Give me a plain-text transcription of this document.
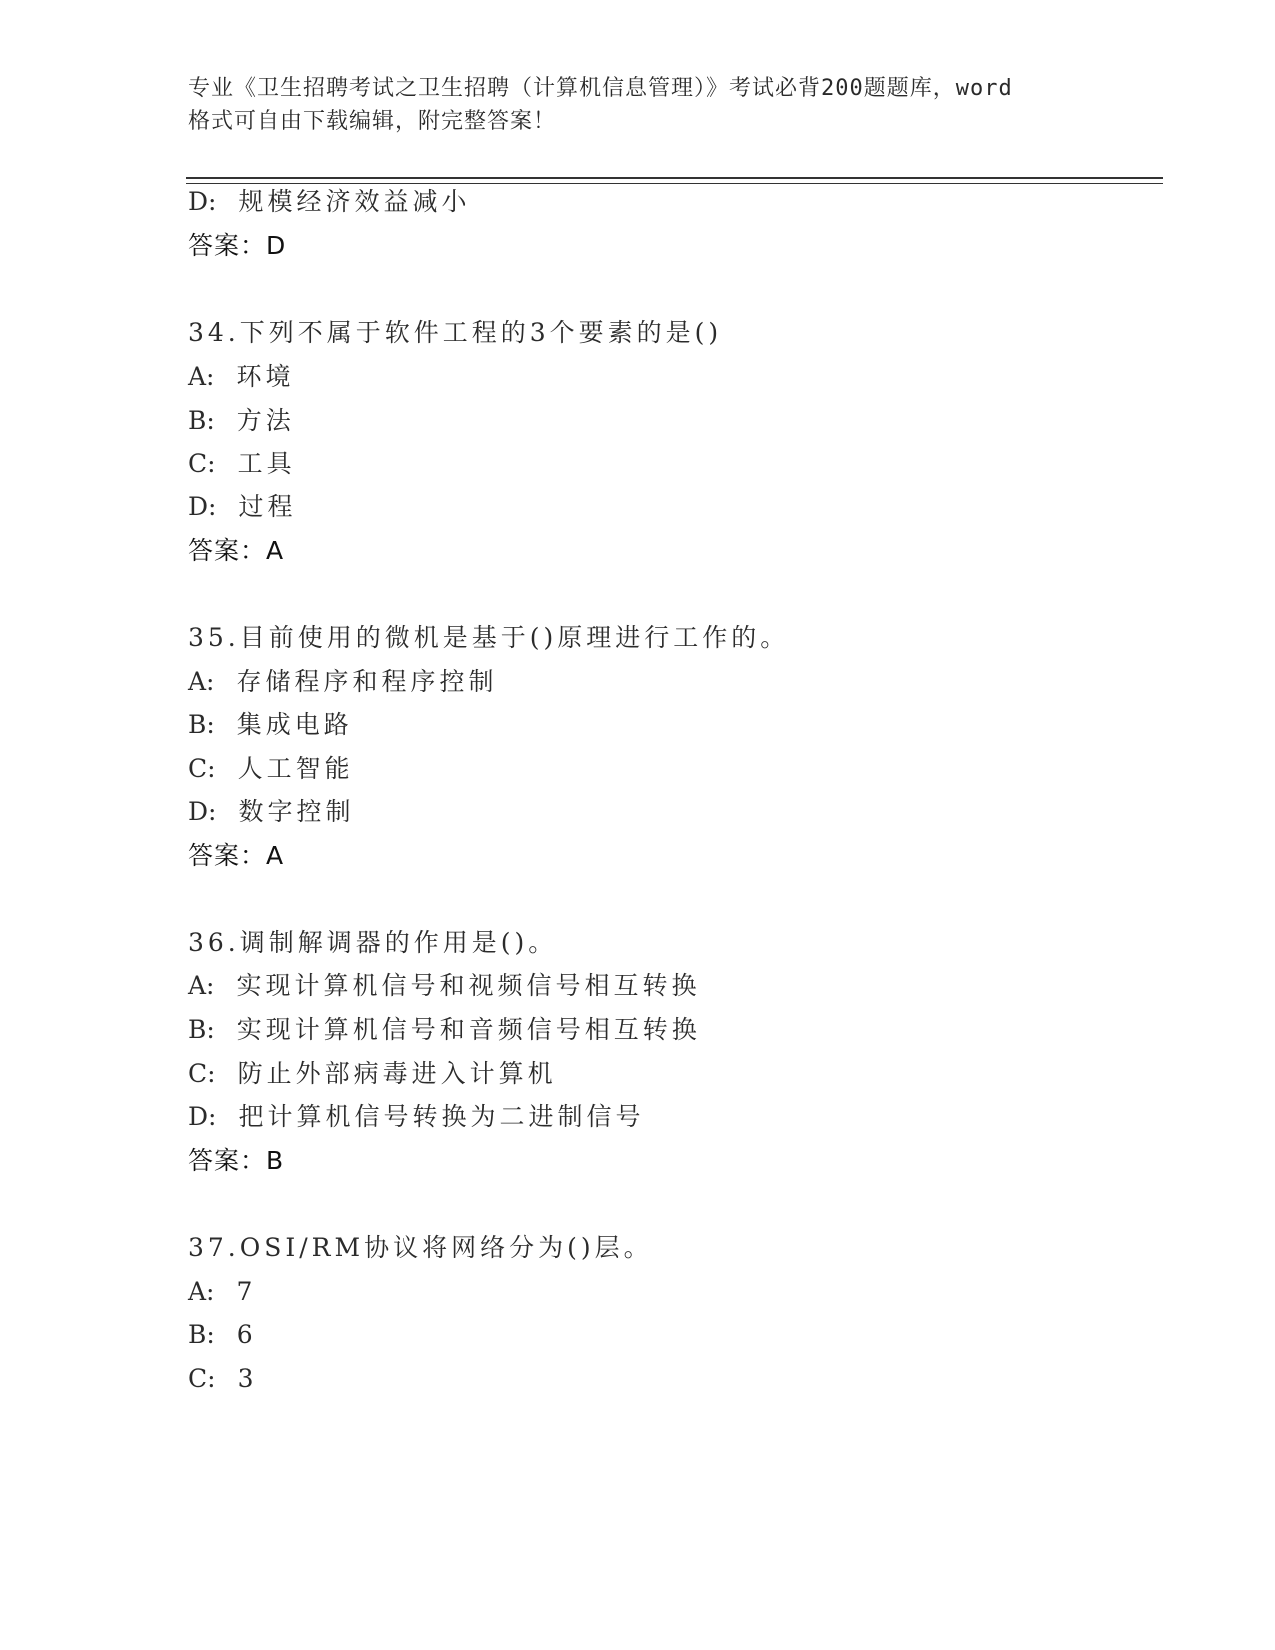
专业《卫生招聘考试之卫生招聘（计算机信息管理）》考试必背200题题库，word
格式可自由下载编辑，附完整答案！
D: 规模经济效益减小
答案：D
34.下列不属于软件工程的3个要素的是()
A: 环境
B: 方法
C: 工具
D: 过程
答案：A
35.目前使用的微机是基于()原理进行工作的。
A: 存储程序和程序控制
B: 集成电路
C: 人工智能
D: 数字控制
答案：A
36.调制解调器的作用是()。
A: 实现计算机信号和视频信号相互转换
B: 实现计算机信号和音频信号相互转换
C: 防止外部病毒进入计算机
D: 把计算机信号转换为二进制信号
答案：B
37.OSI/RM协议将网络分为()层。
A: 7
B: 6
C: 3
